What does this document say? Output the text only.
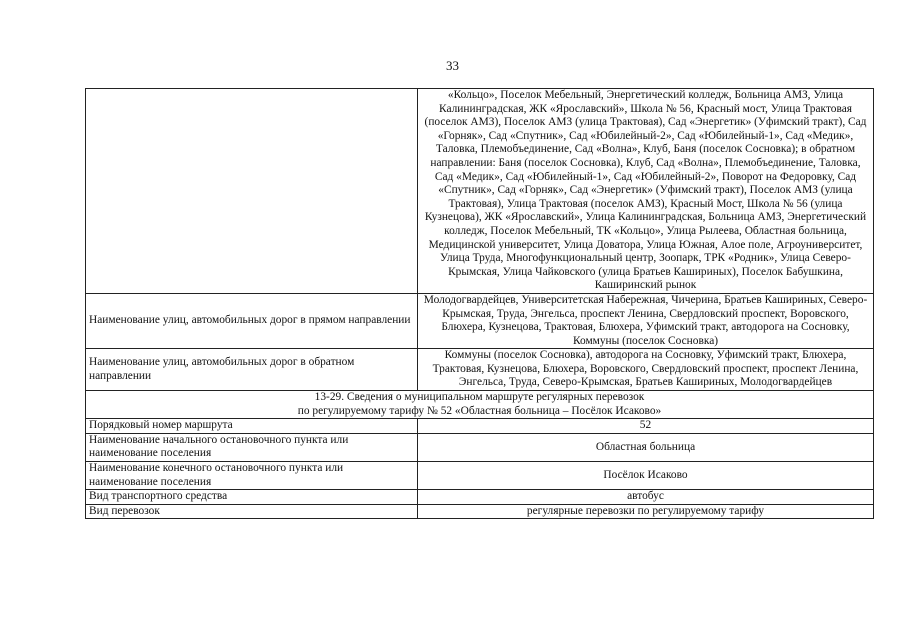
33
	«Кольцо», Поселок Мебельный, Энергетический колледж, Больница АМЗ, Улица Калининградская, ЖК «Ярославский», Школа № 56, Красный мост, Улица Трактовая (поселок АМЗ), Поселок АМЗ (улица Трактовая), Сад «Энергетик» (Уфимский тракт), Сад «Горняк», Сад «Спутник», Сад «Юбилейный-2», Сад «Юбилейный-1», Сад «Медик», Таловка, Племобъединение, Сад «Волна», Клуб, Баня (поселок Сосновка); в обратном направлении: Баня (поселок Сосновка), Клуб, Сад «Волна», Племобъединение, Таловка, Сад «Медик», Сад «Юбилейный-1», Сад «Юбилейный-2», Поворот на Федоровку, Сад «Спутник», Сад «Горняк», Сад «Энергетик» (Уфимский тракт), Поселок АМЗ (улица Трактовая), Улица Трактовая (поселок АМЗ), Красный Мост, Школа № 56 (улица Кузнецова), ЖК «Ярославский», Улица Калининградская, Больница АМЗ, Энергетический колледж, Поселок Мебельный, ТК «Кольцо», Улица Рылеева, Областная больница, Медицинской университет, Улица Доватора, Улица Южная, Алое поле, Агроуниверситет, Улица Труда, Многофункциональный центр, Зоопарк, ТРК «Родник», Улица Северо-Крымская, Улица Чайковского (улица Братьев Кашириных), Поселок Бабушкина, Каширинский рынок
Наименование улиц, автомобильных дорог в прямом направлении	Молодогвардейцев, Университетская Набережная, Чичерина, Братьев Кашириных, Северо-Крымская, Труда, Энгельса, проспект Ленина, Свердловский проспект, Воровского, Блюхера, Кузнецова, Трактовая, Блюхера, Уфимский тракт, автодорога на Сосновку, Коммуны (поселок Сосновка)
Наименование улиц, автомобильных дорог в обратном направлении	Коммуны (поселок Сосновка), автодорога на Сосновку, Уфимский тракт, Блюхера, Трактовая, Кузнецова, Блюхера, Воровского, Свердловский проспект, проспект Ленина, Энгельса, Труда, Северо-Крымская, Братьев Кашириных, Молодогвардейцев

13-29. Сведения о муниципальном маршруте регулярных перевозок
по регулируемому тарифу № 52 «Областная больница – Посёлок Исаково»	

Порядковый номер маршрута	52
Наименование начального остановочного пункта или наименование поселения	Областная больница
Наименование конечного остановочного пункта или наименование поселения	Посёлок Исаково
Вид транспортного средства	автобус
Вид перевозок	регулярные перевозки по регулируемому тарифу
